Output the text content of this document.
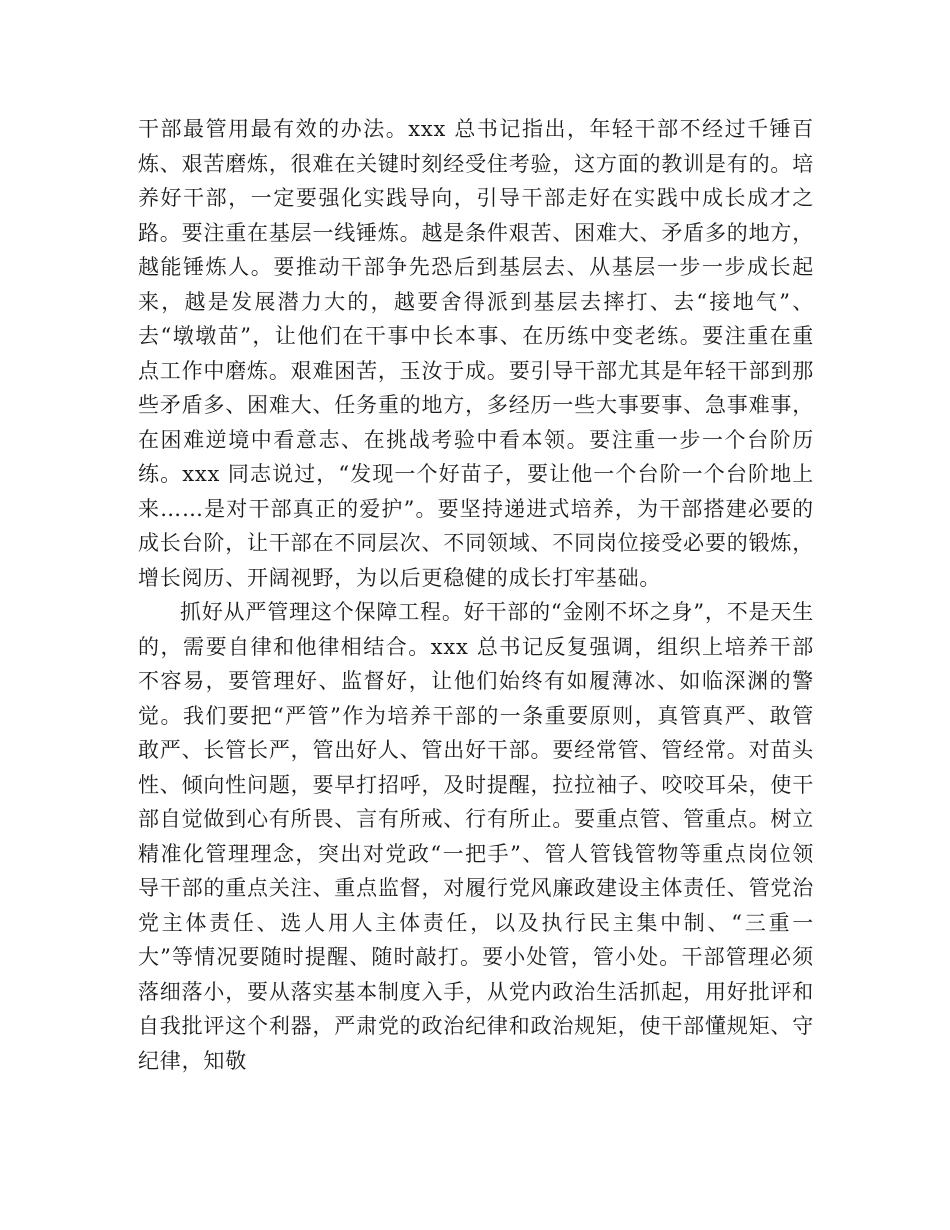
干部最管用最有效的办法。xxx 总书记指出，年轻干部不经过千锤百炼、艰苦磨炼，很难在关键时刻经受住考验，这方面的教训是有的。培养好干部，一定要强化实践导向，引导干部走好在实践中成长成才之路。要注重在基层一线锤炼。越是条件艰苦、困难大、矛盾多的地方，越能锤炼人。要推动干部争先恐后到基层去、从基层一步一步成长起来，越是发展潜力大的，越要舍得派到基层去摔打、去“接地气”、去“墩墩苗”，让他们在干事中长本事、在历练中变老练。要注重在重点工作中磨炼。艰难困苦，玉汝于成。要引导干部尤其是年轻干部到那些矛盾多、困难大、任务重的地方，多经历一些大事要事、急事难事，在困难逆境中看意志、在挑战考验中看本领。要注重一步一个台阶历练。xxx 同志说过，“发现一个好苗子，要让他一个台阶一个台阶地上来……是对干部真正的爱护”。要坚持递进式培养，为干部搭建必要的成长台阶，让干部在不同层次、不同领域、不同岗位接受必要的锻炼，增长阅历、开阔视野，为以后更稳健的成长打牢基础。

抓好从严管理这个保障工程。好干部的“金刚不坏之身”，不是天生的，需要自律和他律相结合。xxx 总书记反复强调，组织上培养干部不容易，要管理好、监督好，让他们始终有如履薄冰、如临深渊的警觉。我们要把“严管”作为培养干部的一条重要原则，真管真严、敢管敢严、长管长严，管出好人、管出好干部。要经常管、管经常。对苗头性、倾向性问题，要早打招呼，及时提醒，拉拉袖子、咬咬耳朵，使干部自觉做到心有所畏、言有所戒、行有所止。要重点管、管重点。树立精准化管理理念，突出对党政“一把手”、管人管钱管物等重点岗位领导干部的重点关注、重点监督，对履行党风廉政建设主体责任、管党治党主体责任、选人用人主体责任，以及执行民主集中制、“三重一大”等情况要随时提醒、随时敲打。要小处管，管小处。干部管理必须落细落小，要从落实基本制度入手，从党内政治生活抓起，用好批评和自我批评这个利器，严肃党的政治纪律和政治规矩，使干部懂规矩、守纪律，知敬
